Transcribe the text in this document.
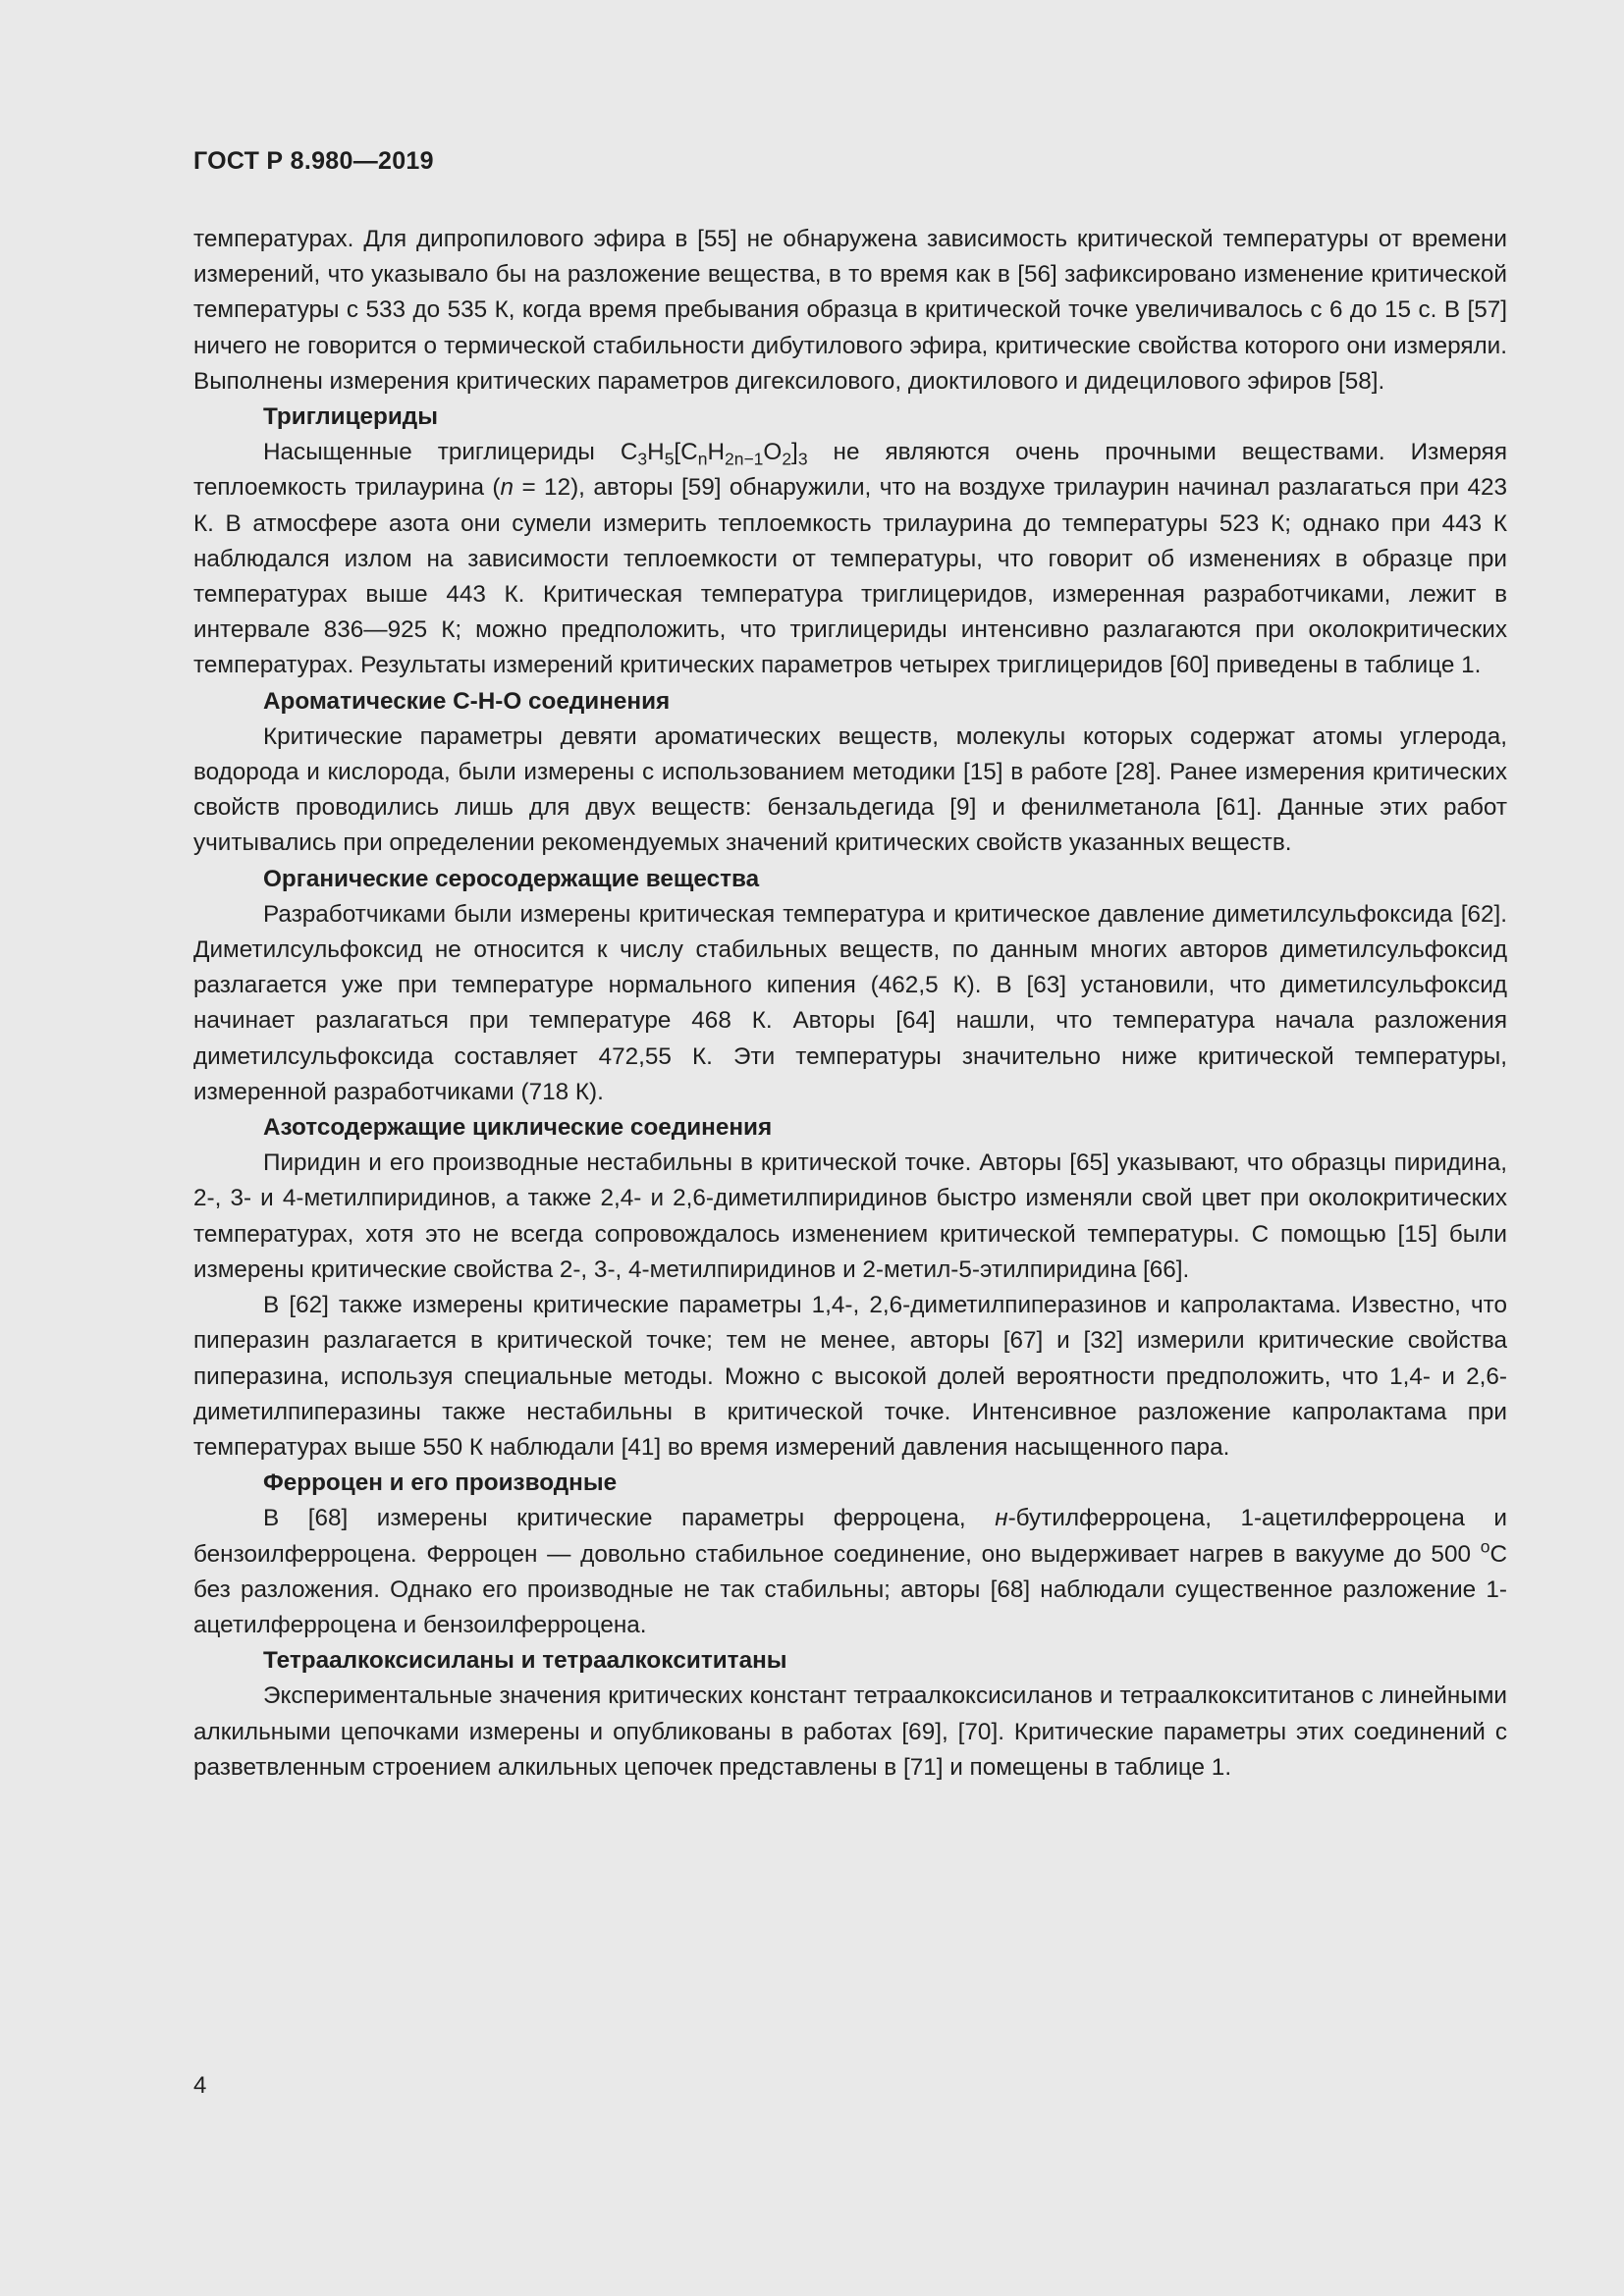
ГОСТ Р 8.980—2019

температурах. Для дипропилового эфира в [55] не обнаружена зависимость критической температуры от времени измерений, что указывало бы на разложение вещества, в то время как в [56] зафиксировано изменение критической температуры с 533 до 535 К, когда время пребывания образца в критической точке увеличивалось с 6 до 15 с. В [57] ничего не говорится о термической стабильности дибутилового эфира, критические свойства которого они измеряли. Выполнены измерения критических параметров дигексилового, диоктилового и дидецилового эфиров [58].

Триглицериды

Насыщенные триглицериды $C_3H_5[C_nH_{2n-1}O_2]_3$ не являются очень прочными веществами. Измеряя теплоемкость трилаурина (n = 12), авторы [59] обнаружили, что на воздухе трилаурин начинал разлагаться при 423 К. В атмосфере азота они сумели измерить теплоемкость трилаурина до температуры 523 К; однако при 443 К наблюдался излом на зависимости теплоемкости от температуры, что говорит об изменениях в образце при температурах выше 443 К. Критическая температура триглицеридов, измеренная разработчиками, лежит в интервале 836—925 К; можно предположить, что триглицериды интенсивно разлагаются при околокритических температурах. Результаты измерений критических параметров четырех триглицеридов [60] приведены в таблице 1.

Ароматические С-Н-О соединения

Критические параметры девяти ароматических веществ, молекулы которых содержат атомы углерода, водорода и кислорода, были измерены с использованием методики [15] в работе [28]. Ранее измерения критических свойств проводились лишь для двух веществ: бензальдегида [9] и фенилметанола [61]. Данные этих работ учитывались при определении рекомендуемых значений критических свойств указанных веществ.

Органические серосодержащие вещества

Разработчиками были измерены критическая температура и критическое давление диметилсульфоксида [62]. Диметилсульфоксид не относится к числу стабильных веществ, по данным многих авторов диметилсульфоксид разлагается уже при температуре нормального кипения (462,5 К). В [63] установили, что диметилсульфоксид начинает разлагаться при температуре 468 К. Авторы [64] нашли, что температура начала разложения диметилсульфоксида составляет 472,55 К. Эти температуры значительно ниже критической температуры, измеренной разработчиками (718 К).

Азотсодержащие циклические соединения

Пиридин и его производные нестабильны в критической точке. Авторы [65] указывают, что образцы пиридина, 2-, 3- и 4-метилпиридинов, а также 2,4- и 2,6-диметилпиридинов быстро изменяли свой цвет при околокритических температурах, хотя это не всегда сопровождалось изменением критической температуры. С помощью [15] были измерены критические свойства 2-, 3-, 4-метилпиридинов и 2-метил-5-этилпиридина [66].

В [62] также измерены критические параметры 1,4-, 2,6-диметилпиперазинов и капролактама. Известно, что пиперазин разлагается в критической точке; тем не менее, авторы [67] и [32] измерили критические свойства пиперазина, используя специальные методы. Можно с высокой долей вероятности предположить, что 1,4- и 2,6-диметилпиперазины также нестабильны в критической точке. Интенсивное разложение капролактама при температурах выше 550 К наблюдали [41] во время измерений давления насыщенного пара.

Ферроцен и его производные

В [68] измерены критические параметры ферроцена, н-бутилферроцена, 1-ацетилферроцена и бензоилферроцена. Ферроцен — довольно стабильное соединение, оно выдерживает нагрев в вакууме до 500 $^о$С без разложения. Однако его производные не так стабильны; авторы [68] наблюдали существенное разложение 1-ацетилферроцена и бензоилферроцена.

Тетраалкоксисиланы и тетраалкокcититаны

Экспериментальные значения критических констант тетраалкоксисиланов и тетраалкокcититанов с линейными алкильными цепочками измерены и опубликованы в работах [69], [70]. Критические параметры этих соединений с разветвленным строением алкильных цепочек представлены в [71] и помещены в таблице 1.

4
